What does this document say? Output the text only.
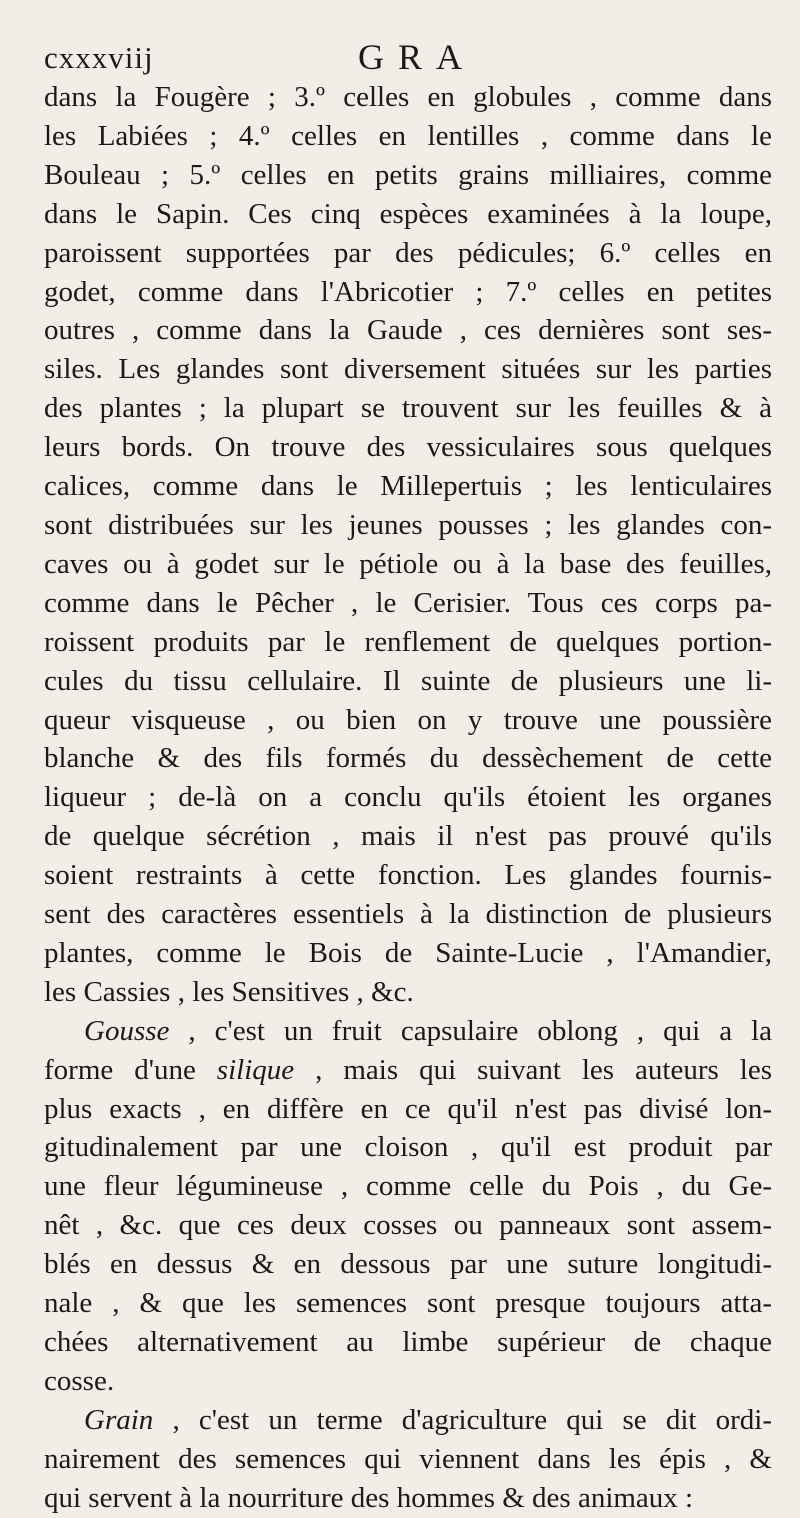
cxxxviij	GRA
dans la Fougère ; 3.º celles en globules , comme dans
les Labiées ; 4.º celles en lentilles , comme dans le
Bouleau ; 5.º celles en petits grains milliaires, comme
dans le Sapin. Ces cinq espèces examinées à la loupe,
paroissent supportées par des pédicules; 6.º celles en
godet, comme dans l'Abricotier ; 7.º celles en petites
outres , comme dans la Gaude , ces dernières sont ses-
siles. Les glandes sont diversement situées sur les parties
des plantes ; la plupart se trouvent sur les feuilles & à
leurs bords. On trouve des vessiculaires sous quelques
calices, comme dans le Millepertuis ; les lenticulaires
sont distribuées sur les jeunes pousses ; les glandes con-
caves ou à godet sur le pétiole ou à la base des feuilles,
comme dans le Pêcher , le Cerisier. Tous ces corps pa-
roissent produits par le renflement de quelques portion-
cules du tissu cellulaire. Il suinte de plusieurs une li-
queur visqueuse , ou bien on y trouve une poussière
blanche & des fils formés du dessèchement de cette
liqueur ; de-là on a conclu qu'ils étoient les organes
de quelque sécrétion , mais il n'est pas prouvé qu'ils
soient restraints à cette fonction. Les glandes fournis-
sent des caractères essentiels à la distinction de plusieurs
plantes, comme le Bois de Sainte-Lucie , l'Amandier,
les Cassies , les Sensitives , &c.
Gousse , c'est un fruit capsulaire oblong , qui a la
forme d'une silique , mais qui suivant les auteurs les
plus exacts , en diffère en ce qu'il n'est pas divisé lon-
gitudinalement par une cloison , qu'il est produit par
une fleur légumineuse , comme celle du Pois , du Ge-
nêt , &c. que ces deux cosses ou panneaux sont assem-
blés en dessus & en dessous par une suture longitudi-
nale , & que les semences sont presque toujours atta-
chées alternativement au limbe supérieur de chaque
cosse.
Grain , c'est un terme d'agriculture qui se dit ordi-
nairement des semences qui viennent dans les épis , &
qui servent à la nourriture des hommes & des animaux :
